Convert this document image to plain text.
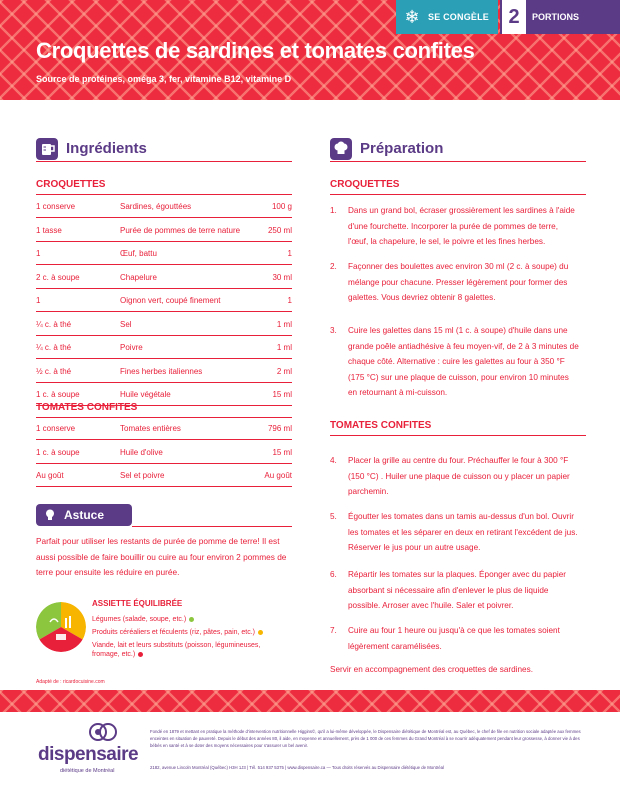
❄ SE CONGÈLE 2	PORTIONS
Croquettes de sardines et tomates confites
Source de protéines, oméga 3, fer, vitamine B12, vitamine D
Ingrédients
CROQUETTES
1 conserve	Sardines, égouttées	100 g
1 tasse	Purée de pommes de terre nature	250 ml
1	Œuf, battu	1
2 c. à soupe	Chapelure	30 ml
1	Oignon vert, coupé finement	1
¼ c. à thé	Sel	1 ml
¼ c. à thé	Poivre	1 ml
½ c. à thé	Fines herbes italiennes	2 ml
1 c. à soupe	Huile végétale	15 ml
TOMATES CONFITES
1 conserve	Tomates entières	796 ml
1 c. à soupe	Huile d'olive	15 ml
Au goût	Sel et poivre	Au goût
Astuce
Parfait pour utiliser les restants de purée de pomme de terre! Il est aussi possible de faire bouillir ou cuire au four environ 2 pommes de terre pour ensuite les réduire en purée.
ASSIETTE ÉQUILIBRÉE
Légumes (salade, soupe, etc.)
Produits céréaliers et féculents (riz, pâtes, pain, etc.)
Viande, lait et leurs substituts (poisson, légumineuses, fromage, etc.)
Adapté de : ricardocuisine.com
Préparation
CROQUETTES
1. Dans un grand bol, écraser grossièrement les sardines à l'aide d'une fourchette. Incorporer la purée de pommes de terre, l'œuf, la chapelure, le sel, le poivre et les fines herbes.
2. Façonner des boulettes avec environ 30 ml (2 c. à soupe) du mélange pour chacune. Presser légèrement pour former des galettes. Vous devriez obtenir 8 galettes.
3. Cuire les galettes dans 15 ml (1 c. à soupe) d'huile dans une grande poêle antiadhésive à feu moyen-vif, de 2 à 3 minutes de chaque côté. Alternative : cuire les galettes au four à 350 °F (175 °C) sur une plaque de cuisson, pour environ 10 minutes en retournant à mi-cuisson.
TOMATES CONFITES
4. Placer la grille au centre du four. Préchauffer le four à 300 °F (150 °C) . Huiler une plaque de cuisson ou y placer un papier parchemin.
5. Égoutter les tomates dans un tamis au-dessus d'un bol. Ouvrir les tomates et les séparer en deux en retirant l'excédent de jus. Réserver le jus pour un autre usage.
6. Répartir les tomates sur la plaques. Éponger avec du papier absorbant si nécessaire afin d'enlever le plus de liquide possible. Arroser avec l'huile. Saler et poivrer.
7. Cuire au four 1 heure ou jusqu'à ce que les tomates soient légèrement caramélisées.
Servir en accompagnement des croquettes de sardines.
dispensaire
diététique de Montréal
Fondé en 1879 et mettant en pratique la méthode d'intervention nutritionnelle Higgins©, qu'il a lui-même développée, le Dispensaire diététique de Montréal est, au Québec, le chef de file en nutrition sociale adaptée aux femmes enceintes en situation de pauvreté. Depuis le début des années 80, il aide, en moyenne et annuellement, près de 1 000 de ces femmes du Grand Montréal à se nourrir adéquatement pendant leur grossesse, à donner vie à des bébés en santé et à se doter des moyens nécessaires pour s'assurer un bel avenir.
2182, avenue Lincoln Montréal (Québec) H3H 1J3 | Tél. 514 937 5375 | www.dispensaire.ca — Tous droits réservés au Dispensaire diététique de Montréal
